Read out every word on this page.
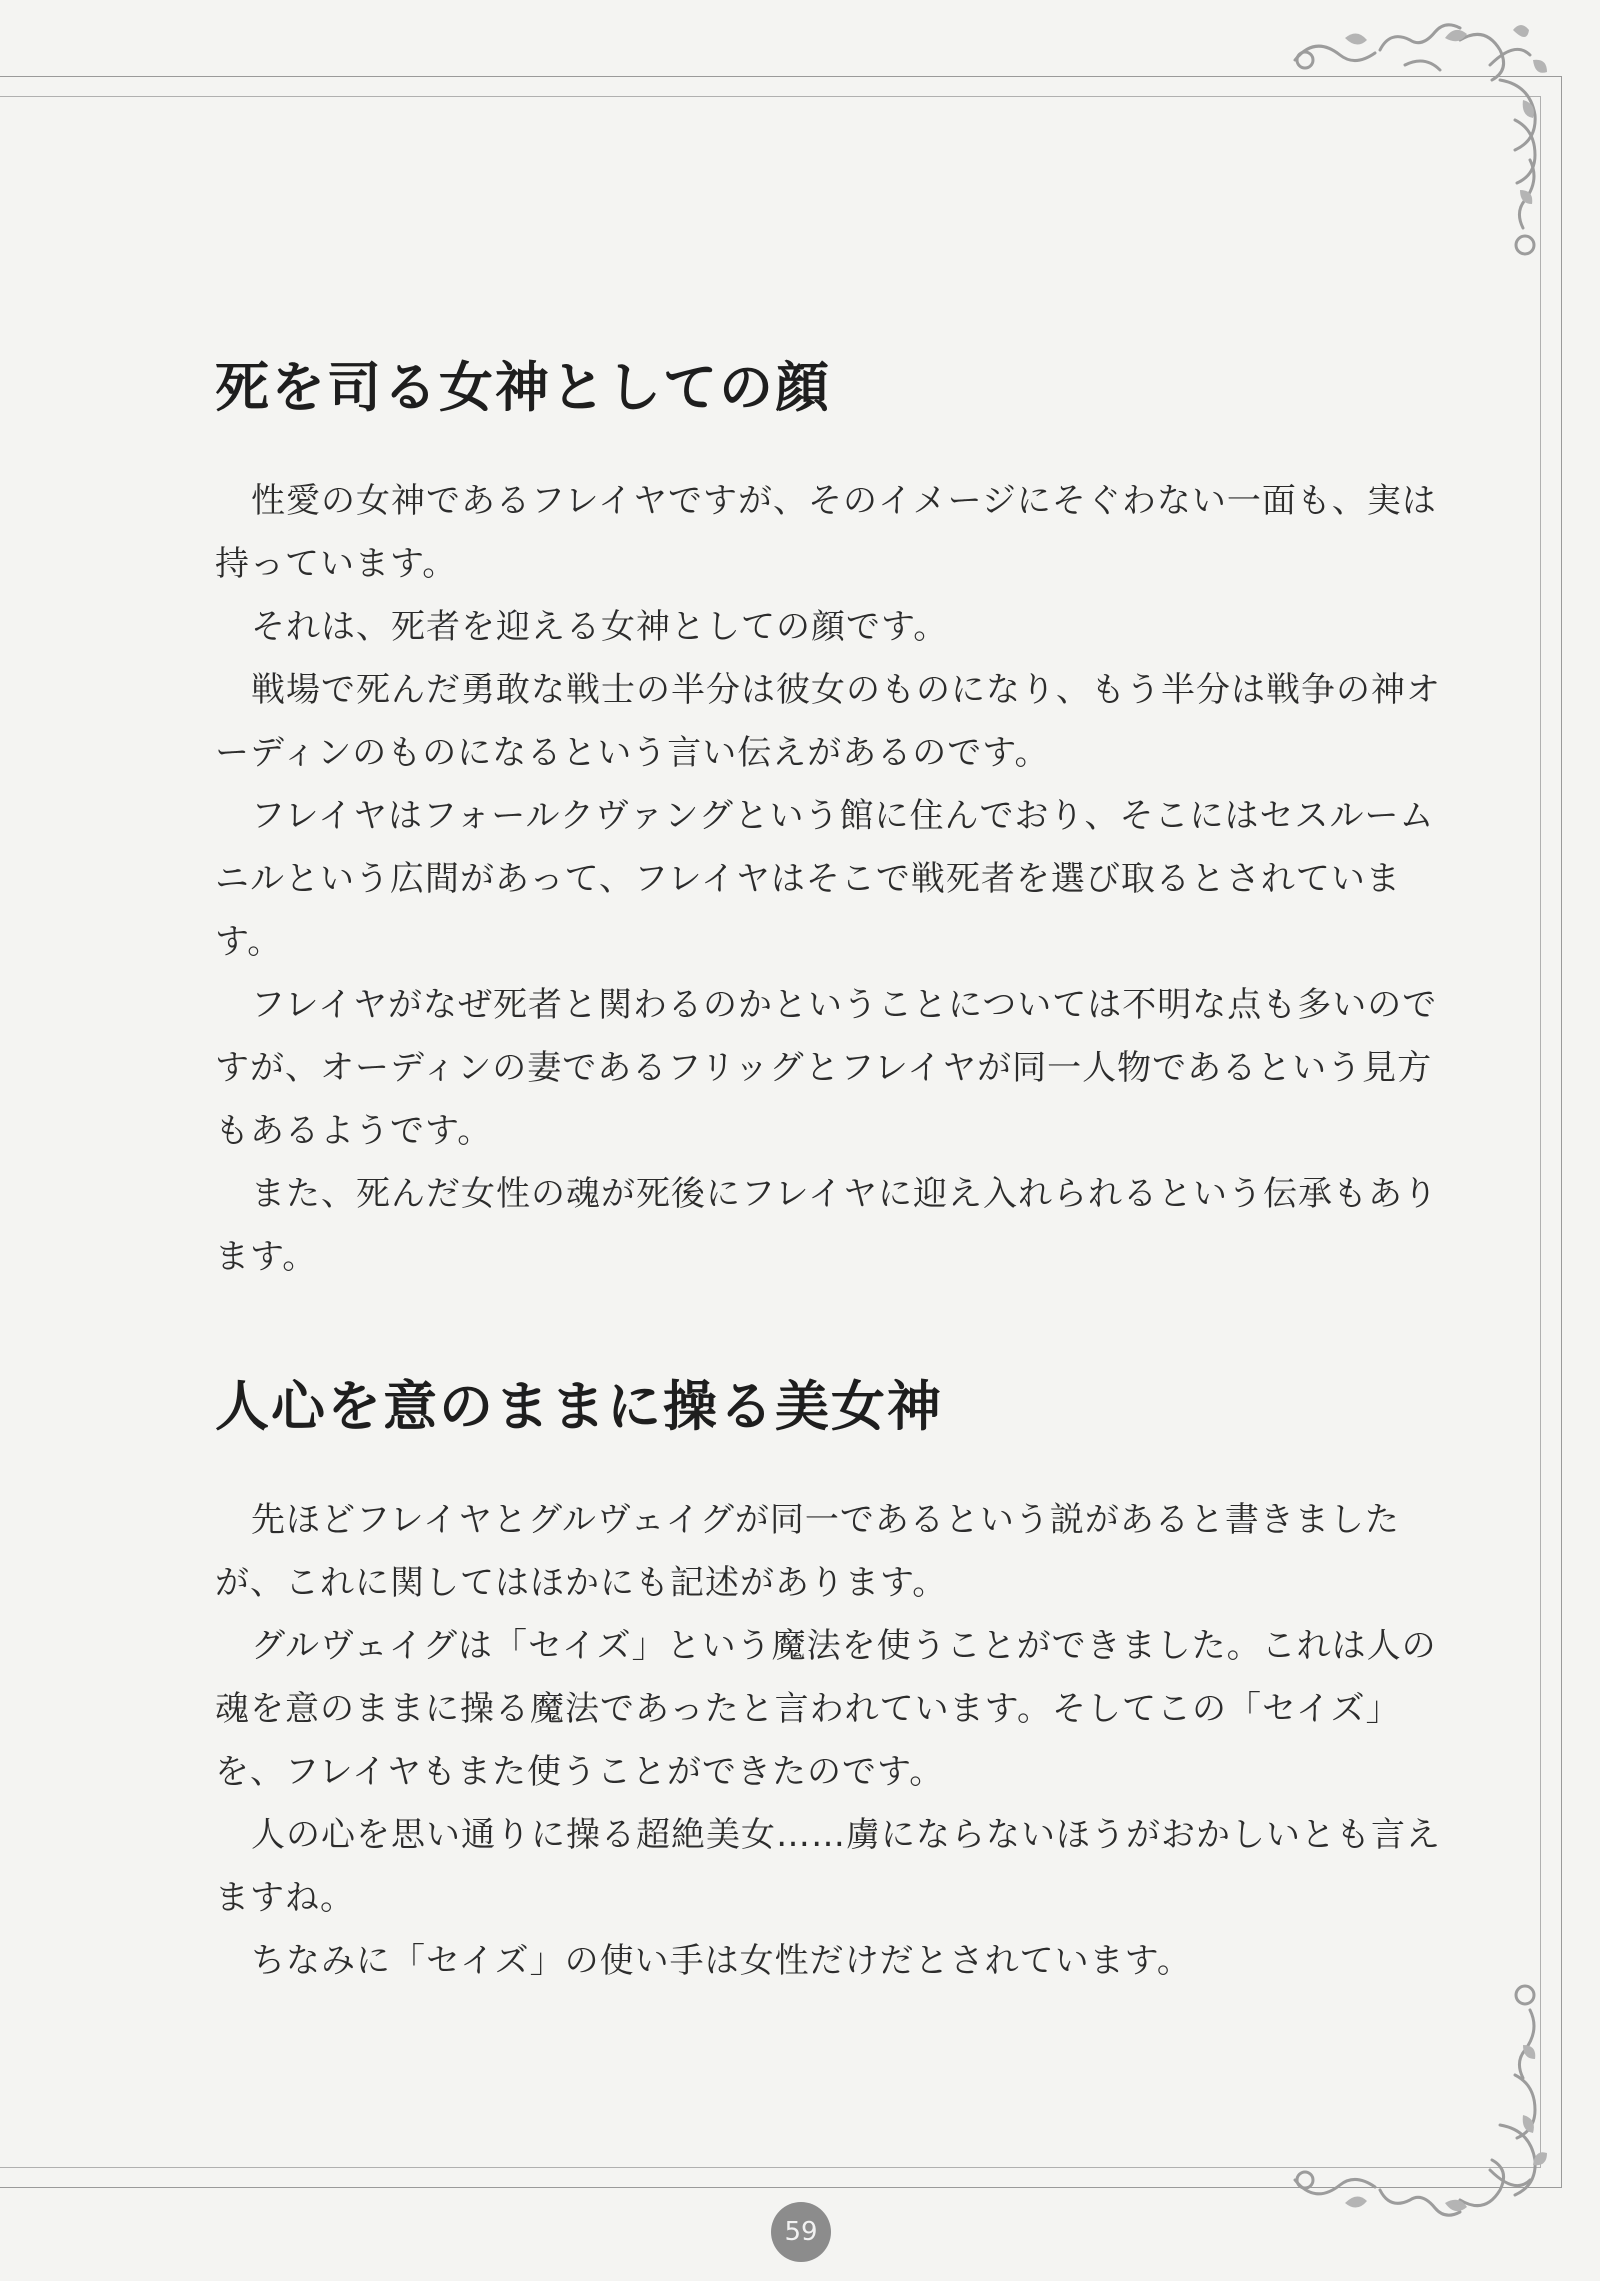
死を司る女神としての顔

性愛の女神であるフレイヤですが、そのイメージにそぐわない一面も、実は持っています。

それは、死者を迎える女神としての顔です。

戦場で死んだ勇敢な戦士の半分は彼女のものになり、もう半分は戦争の神オーディンのものになるという言い伝えがあるのです。

フレイヤはフォールクヴァングという館に住んでおり、そこにはセスルームニルという広間があって、フレイヤはそこで戦死者を選び取るとされています。

フレイヤがなぜ死者と関わるのかということについては不明な点も多いのですが、オーディンの妻であるフリッグとフレイヤが同一人物であるという見方もあるようです。

また、死んだ女性の魂が死後にフレイヤに迎え入れられるという伝承もあります。

人心を意のままに操る美女神

先ほどフレイヤとグルヴェイグが同一であるという説があると書きましたが、これに関してはほかにも記述があります。

グルヴェイグは「セイズ」という魔法を使うことができました。これは人の魂を意のままに操る魔法であったと言われています。そしてこの「セイズ」を、フレイヤもまた使うことができたのです。

人の心を思い通りに操る超絶美女……虜にならないほうがおかしいとも言えますね。

ちなみに「セイズ」の使い手は女性だけだとされています。

59
